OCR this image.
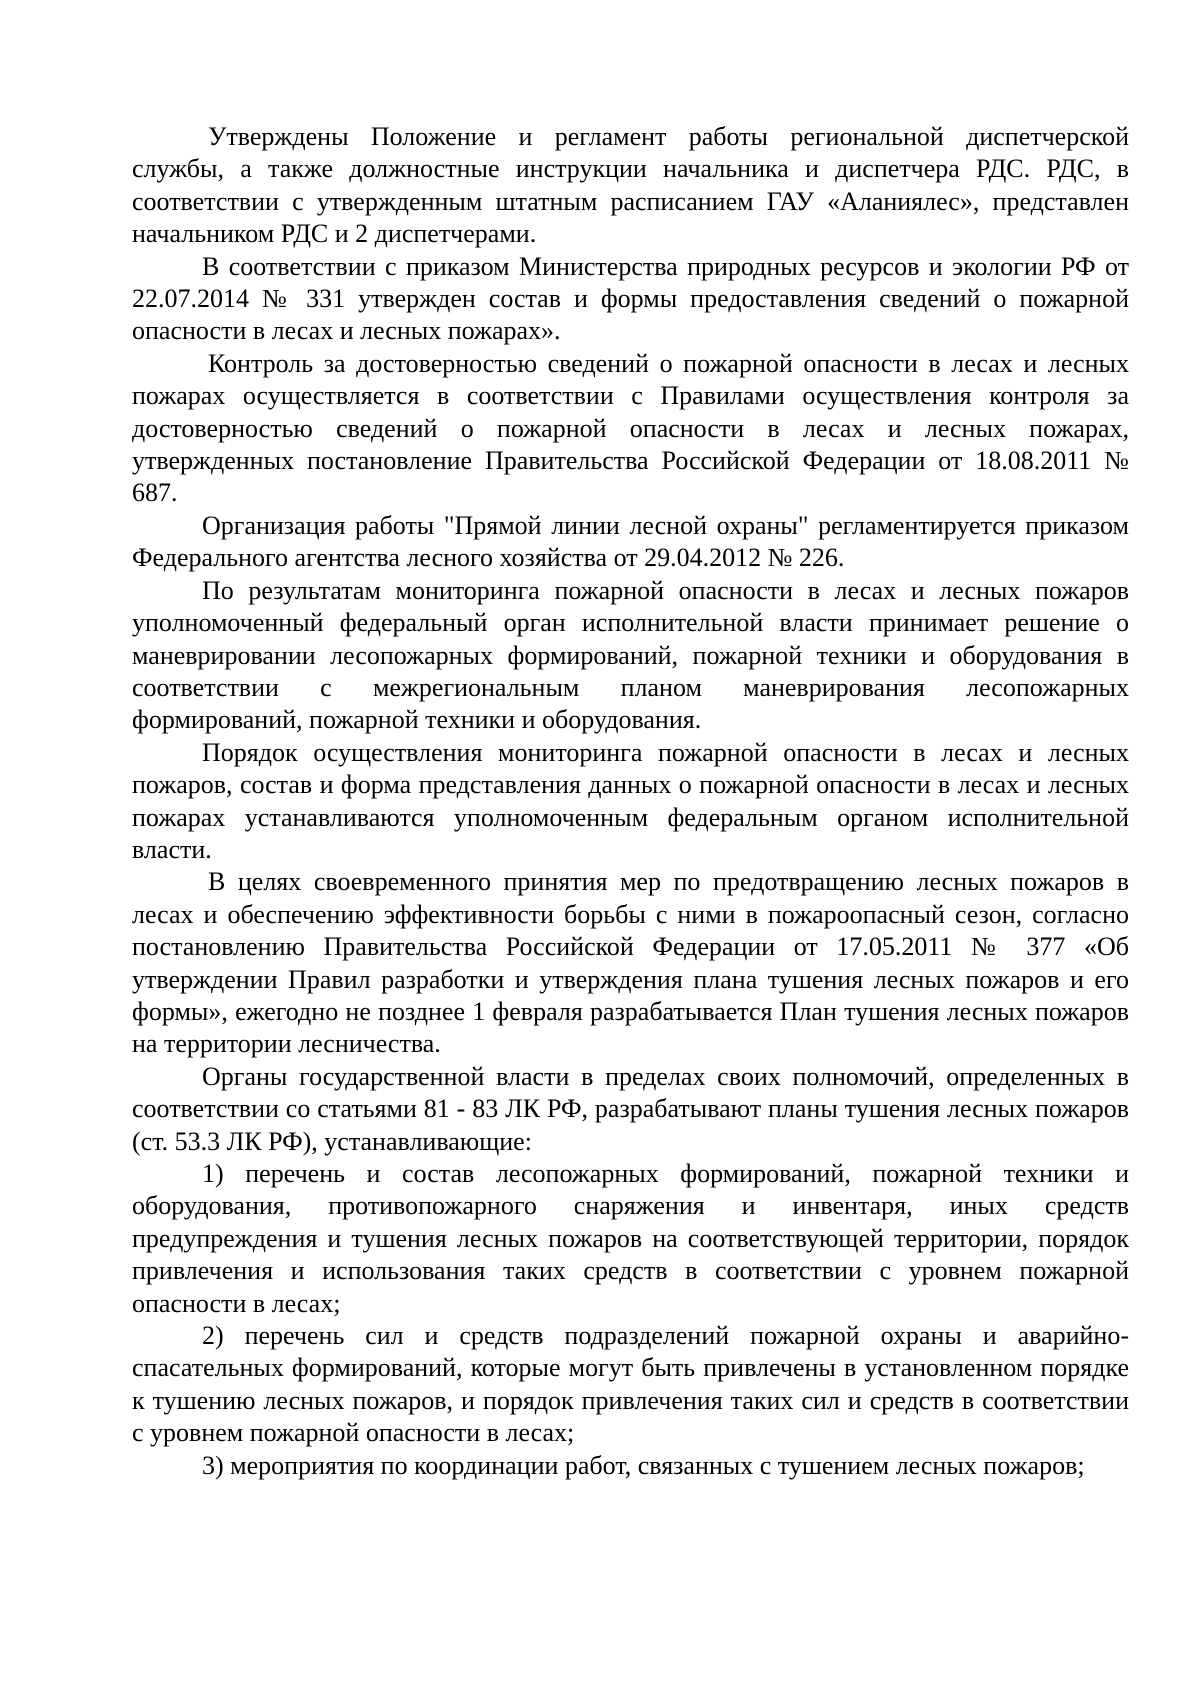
Утверждены Положение и регламент работы региональной диспетчерской службы, а также должностные инструкции начальника и диспетчера РДС. РДС, в соответствии с утвержденным штатным расписанием ГАУ «Аланиялес», представлен начальником РДС и 2 диспетчерами.

В соответствии с приказом Министерства природных ресурсов и экологии РФ от 22.07.2014 № 331 утвержден состав и формы предоставления сведений о пожарной опасности в лесах и лесных пожарах».

Контроль за достоверностью сведений о пожарной опасности в лесах и лесных пожарах осуществляется в соответствии с Правилами осуществления контроля за достоверностью сведений о пожарной опасности в лесах и лесных пожарах, утвержденных постановление Правительства Российской Федерации от 18.08.2011 № 687.

Организация работы "Прямой линии лесной охраны" регламентируется приказом Федерального агентства лесного хозяйства от 29.04.2012 № 226.

По результатам мониторинга пожарной опасности в лесах и лесных пожаров уполномоченный федеральный орган исполнительной власти принимает решение о маневрировании лесопожарных формирований, пожарной техники и оборудования в соответствии с межрегиональным планом маневрирования лесопожарных формирований, пожарной техники и оборудования.

Порядок осуществления мониторинга пожарной опасности в лесах и лесных пожаров, состав и форма представления данных о пожарной опасности в лесах и лесных пожарах устанавливаются уполномоченным федеральным органом исполнительной власти.

В целях своевременного принятия мер по предотвращению лесных пожаров в лесах и обеспечению эффективности борьбы с ними в пожароопасный сезон, согласно постановлению Правительства Российской Федерации от 17.05.2011 № 377 «Об утверждении Правил разработки и утверждения плана тушения лесных пожаров и его формы», ежегодно не позднее 1 февраля разрабатывается План тушения лесных пожаров на территории лесничества.

Органы государственной власти в пределах своих полномочий, определенных в соответствии со статьями 81 - 83 ЛК РФ, разрабатывают планы тушения лесных пожаров (ст. 53.3 ЛК РФ), устанавливающие:

1) перечень и состав лесопожарных формирований, пожарной техники и оборудования, противопожарного снаряжения и инвентаря, иных средств предупреждения и тушения лесных пожаров на соответствующей территории, порядок привлечения и использования таких средств в соответствии с уровнем пожарной опасности в лесах;

2) перечень сил и средств подразделений пожарной охраны и аварийно-спасательных формирований, которые могут быть привлечены в установленном порядке к тушению лесных пожаров, и порядок привлечения таких сил и средств в соответствии с уровнем пожарной опасности в лесах;

3) мероприятия по координации работ, связанных с тушением лесных пожаров;
